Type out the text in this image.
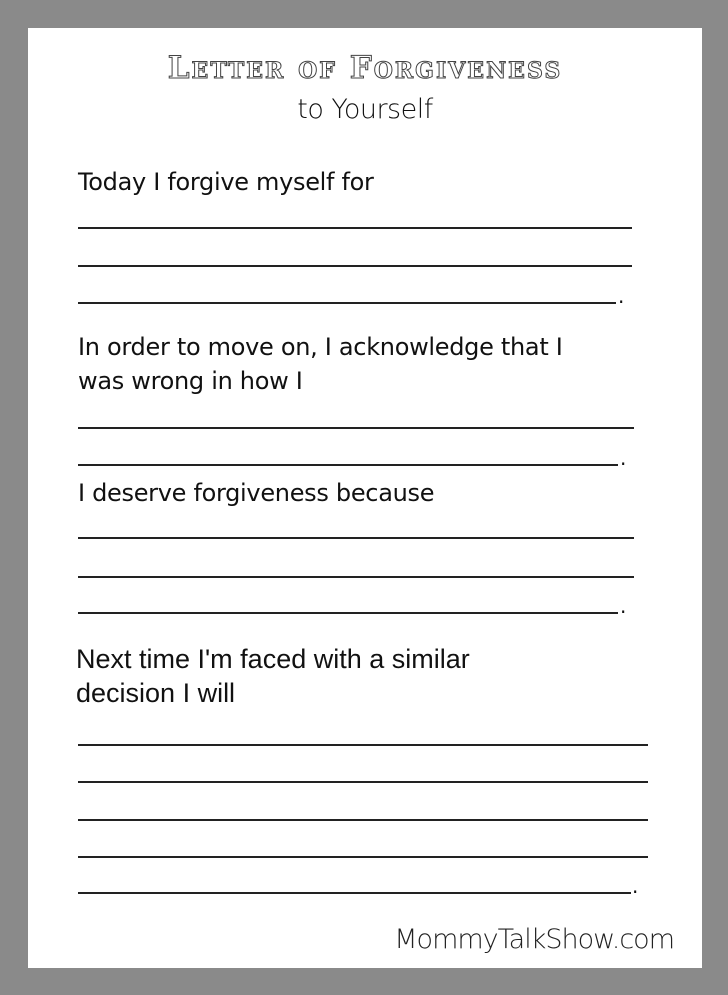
Letter of Forgiveness
to Yourself
Today I forgive myself for
.
In order to move on, I acknowledge that I
was wrong in how I
.
I deserve forgiveness because
.
Next time I'm faced with a similar
decision I will
.
MommyTalkShow.com
